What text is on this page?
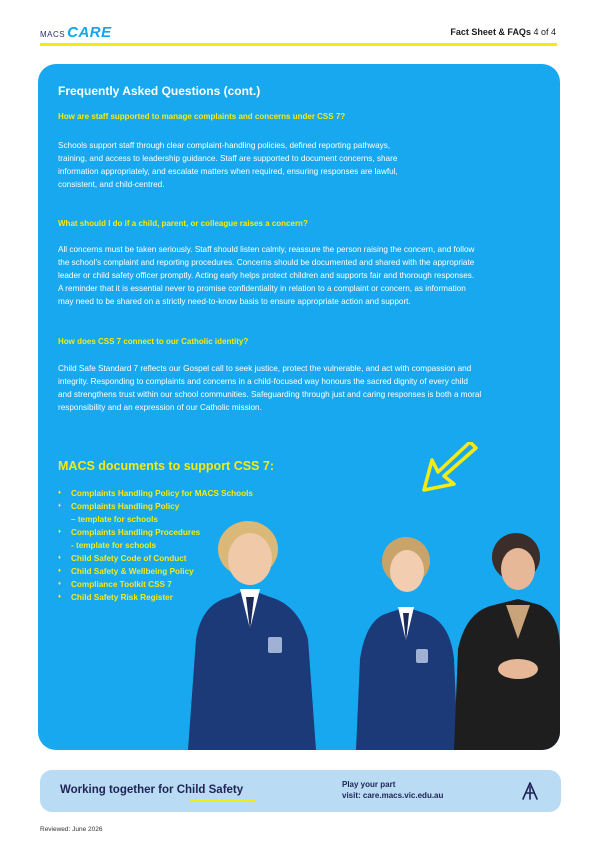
MACS CARE	Fact Sheet & FAQs 4 of 4
Frequently Asked Questions (cont.)
How are staff supported to manage complaints and concerns under CSS 7?
Schools support staff through clear complaint-handling policies, defined reporting pathways,
training, and access to leadership guidance. Staff are supported to document concerns, share
information appropriately, and escalate matters when required, ensuring responses are lawful,
consistent, and child-centred.
What should I do if a child, parent, or colleague raises a concern?
All concerns must be taken seriously. Staff should listen calmly, reassure the person raising the concern, and follow
the school’s complaint and reporting procedures. Concerns should be documented and shared with the appropriate
leader or child safety officer promptly. Acting early helps protect children and supports fair and thorough responses.
A reminder that it is essential never to promise confidentiality in relation to a complaint or concern, as information
may need to be shared on a strictly need-to-know basis to ensure appropriate action and support.
How does CSS 7 connect to our Catholic identity?
Child Safe Standard 7 reflects our Gospel call to seek justice, protect the vulnerable, and act with compassion and
integrity. Responding to complaints and concerns in a child-focused way honours the sacred dignity of every child
and strengthens trust within our school communities. Safeguarding through just and caring responses is both a moral
responsibility and an expression of our Catholic mission.
MACS documents to support CSS 7:
♦	Complaints Handling Policy for MACS Schools
♦	Complaints Handling Policy
– template for schools
♦	Complaints Handling Procedures
- template for schools
♦	Child Safety Code of Conduct
♦	Child Safety & Wellbeing Policy
♦	Compliance Toolkit CSS 7
♦	Child Safety Risk Register
Working together for Child Safety	Play your part
visit: care.macs.vic.edu.au
Reviewed: June 2026
